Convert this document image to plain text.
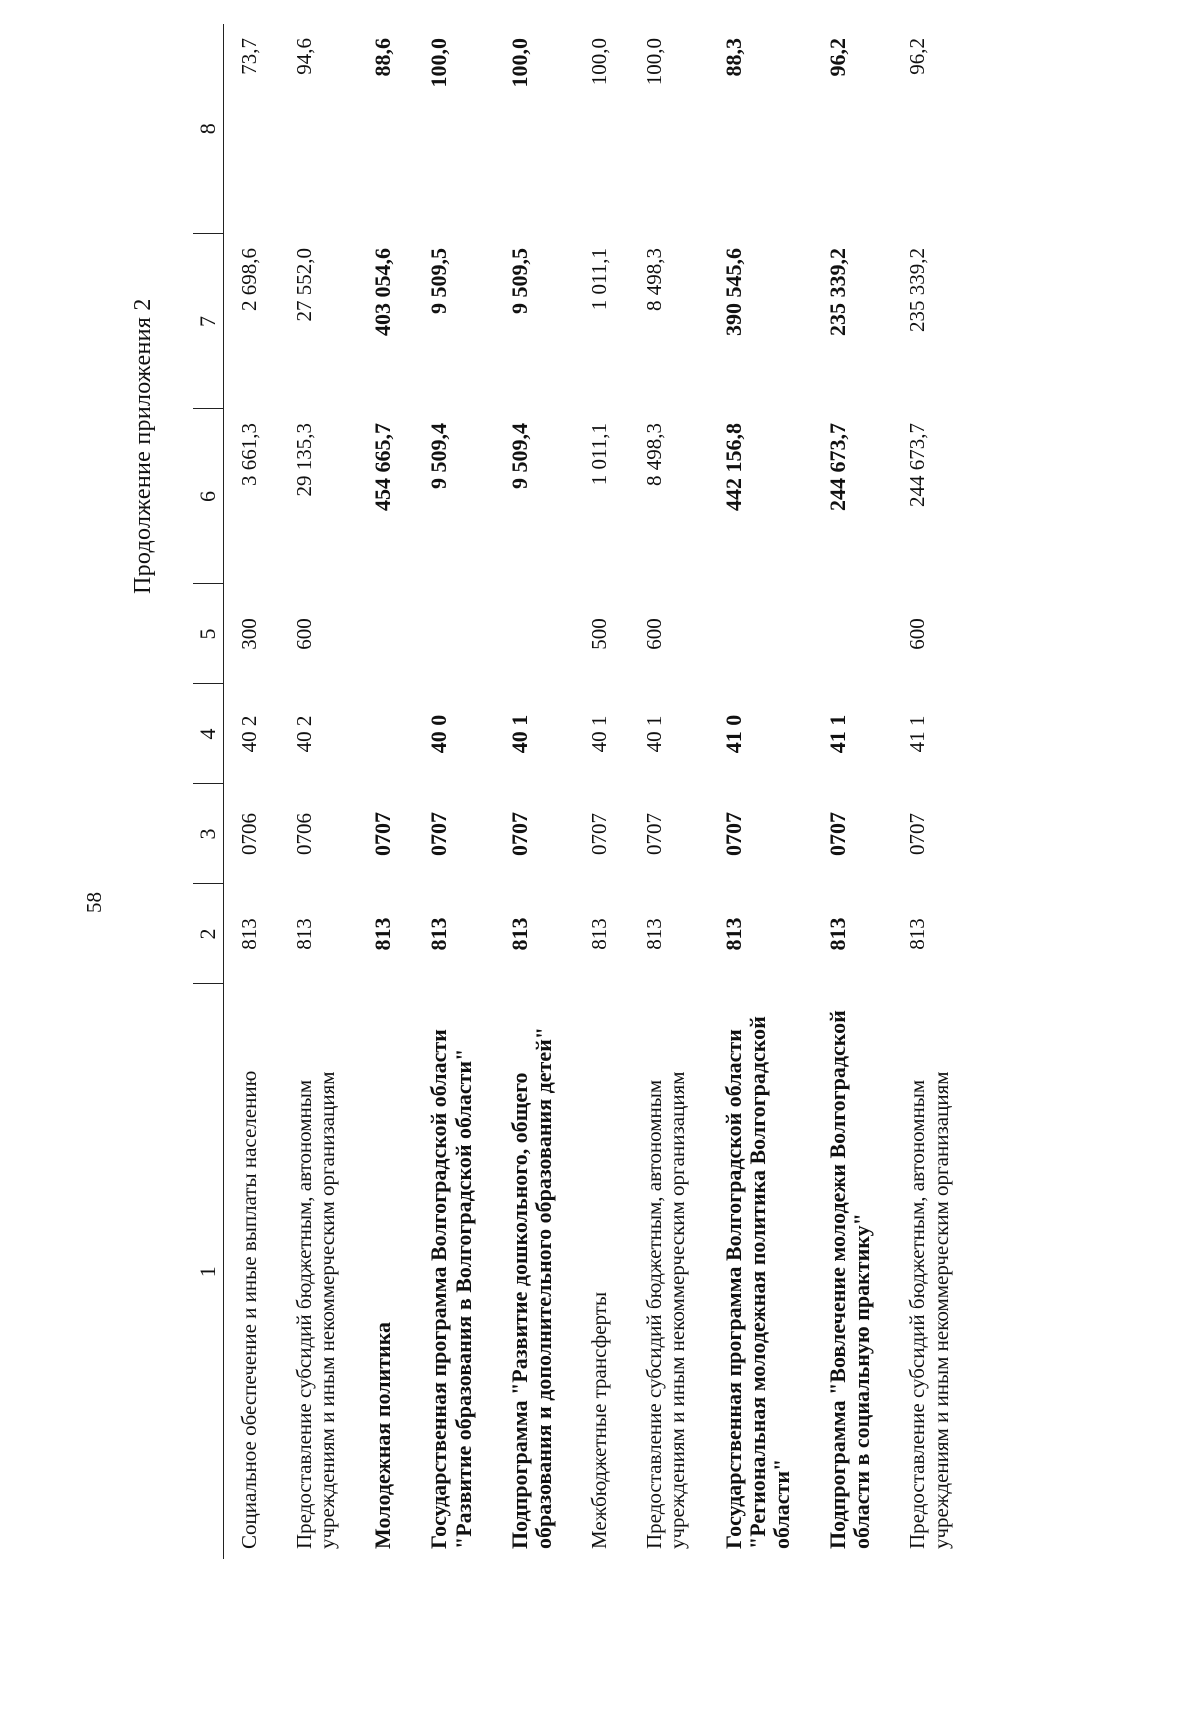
58
Продолжение приложения 2
1	2	3	4	5	6	7	8
Социальное обеспечение и иные выплаты населению	813	0706	40 2	300	3 661,3	2 698,6	73,7
Предоставление субсидий бюджетным, автономным учреждениям и иным некоммерческим организациям	813	0706	40 2	600	29 135,3	27 552,0	94,6
Молодежная политика	813	0707			454 665,7	403 054,6	88,6
Государственная программа Волгоградской области "Развитие образования в Волгоградской области"	813	0707	40 0		9 509,4	9 509,5	100,0
Подпрограмма "Развитие дошкольного, общего образования и дополнительного образования детей"	813	0707	40 1		9 509,4	9 509,5	100,0
Межбюджетные трансферты	813	0707	40 1	500	1 011,1	1 011,1	100,0
Предоставление субсидий бюджетным, автономным учреждениям и иным некоммерческим организациям	813	0707	40 1	600	8 498,3	8 498,3	100,0
Государственная программа Волгоградской области "Региональная молодежная политика Волгоградской области"	813	0707	41 0		442 156,8	390 545,6	88,3
Подпрограмма "Вовлечение молодежи Волгоградской области в социальную практику"	813	0707	41 1		244 673,7	235 339,2	96,2
Предоставление субсидий бюджетным, автономным учреждениям и иным некоммерческим организациям	813	0707	41 1	600	244 673,7	235 339,2	96,2
